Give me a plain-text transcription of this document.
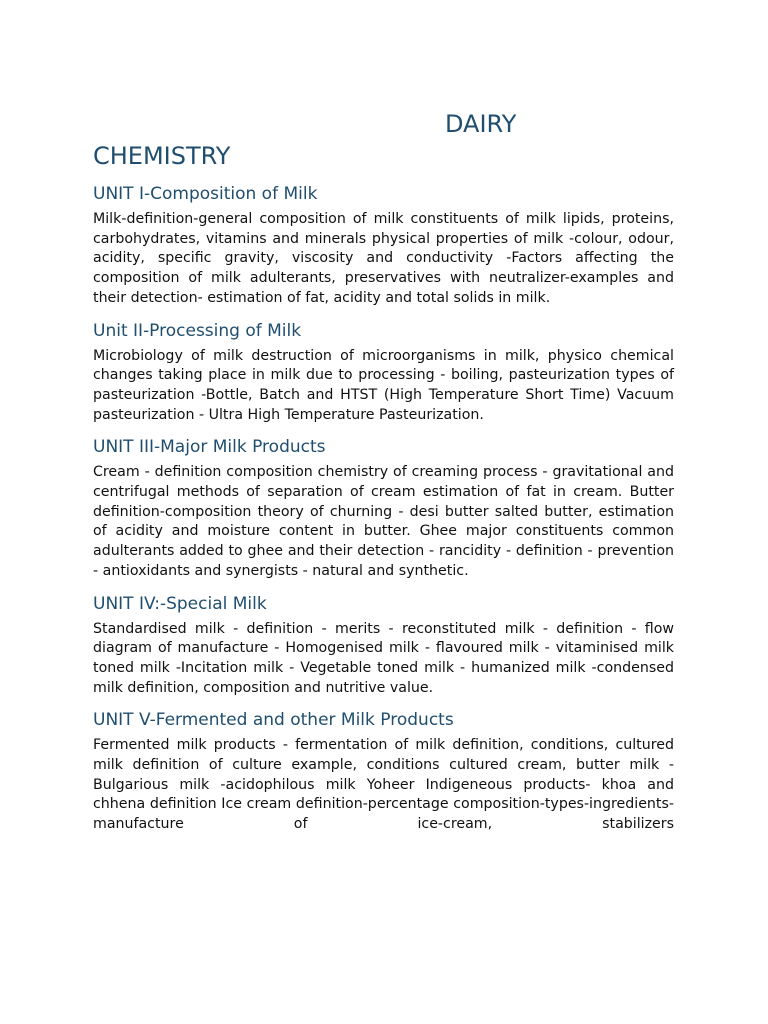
DAIRY
CHEMISTRY
UNIT I-Composition of Milk

Milk-definition-general composition of milk constituents of milk lipids, proteins, carbohydrates, vitamins and minerals physical properties of milk -colour, odour, acidity, specific gravity, viscosity and conductivity -Factors affecting the composition of milk adulterants, preservatives with neutralizer-examples and their detection- estimation of fat, acidity and total solids in milk.

Unit II-Processing of Milk

Microbiology of milk destruction of microorganisms in milk, physico chemical changes taking place in milk due to processing - boiling, pasteurization types of pasteurization -Bottle, Batch and HTST (High Temperature Short Time) Vacuum pasteurization - Ultra High Temperature Pasteurization.

UNIT III-Major Milk Products

Cream - definition composition chemistry of creaming process - gravitational and centrifugal methods of separation of cream estimation of fat in cream. Butter definition-composition theory of churning - desi butter salted butter, estimation of acidity and moisture content in butter. Ghee major constituents common adulterants added to ghee and their detection - rancidity - definition - prevention - antioxidants and synergists - natural and synthetic.

UNIT IV:-Special Milk

Standardised milk - definition - merits - reconstituted milk - definition - flow diagram of manufacture - Homogenised milk - flavoured milk - vitaminised milk toned milk -Incitation milk - Vegetable toned milk - humanized milk -condensed milk definition, composition and nutritive value.

UNIT V-Fermented and other Milk Products

Fermented milk products - fermentation of milk definition, conditions, cultured milk definition of culture example, conditions cultured cream, butter milk -Bulgarious milk -acidophilous milk Yoheer Indigeneous products- khoa and chhena definition Ice cream definition-percentage composition-types-ingredients-manufacture of ice-cream, stabilizers
